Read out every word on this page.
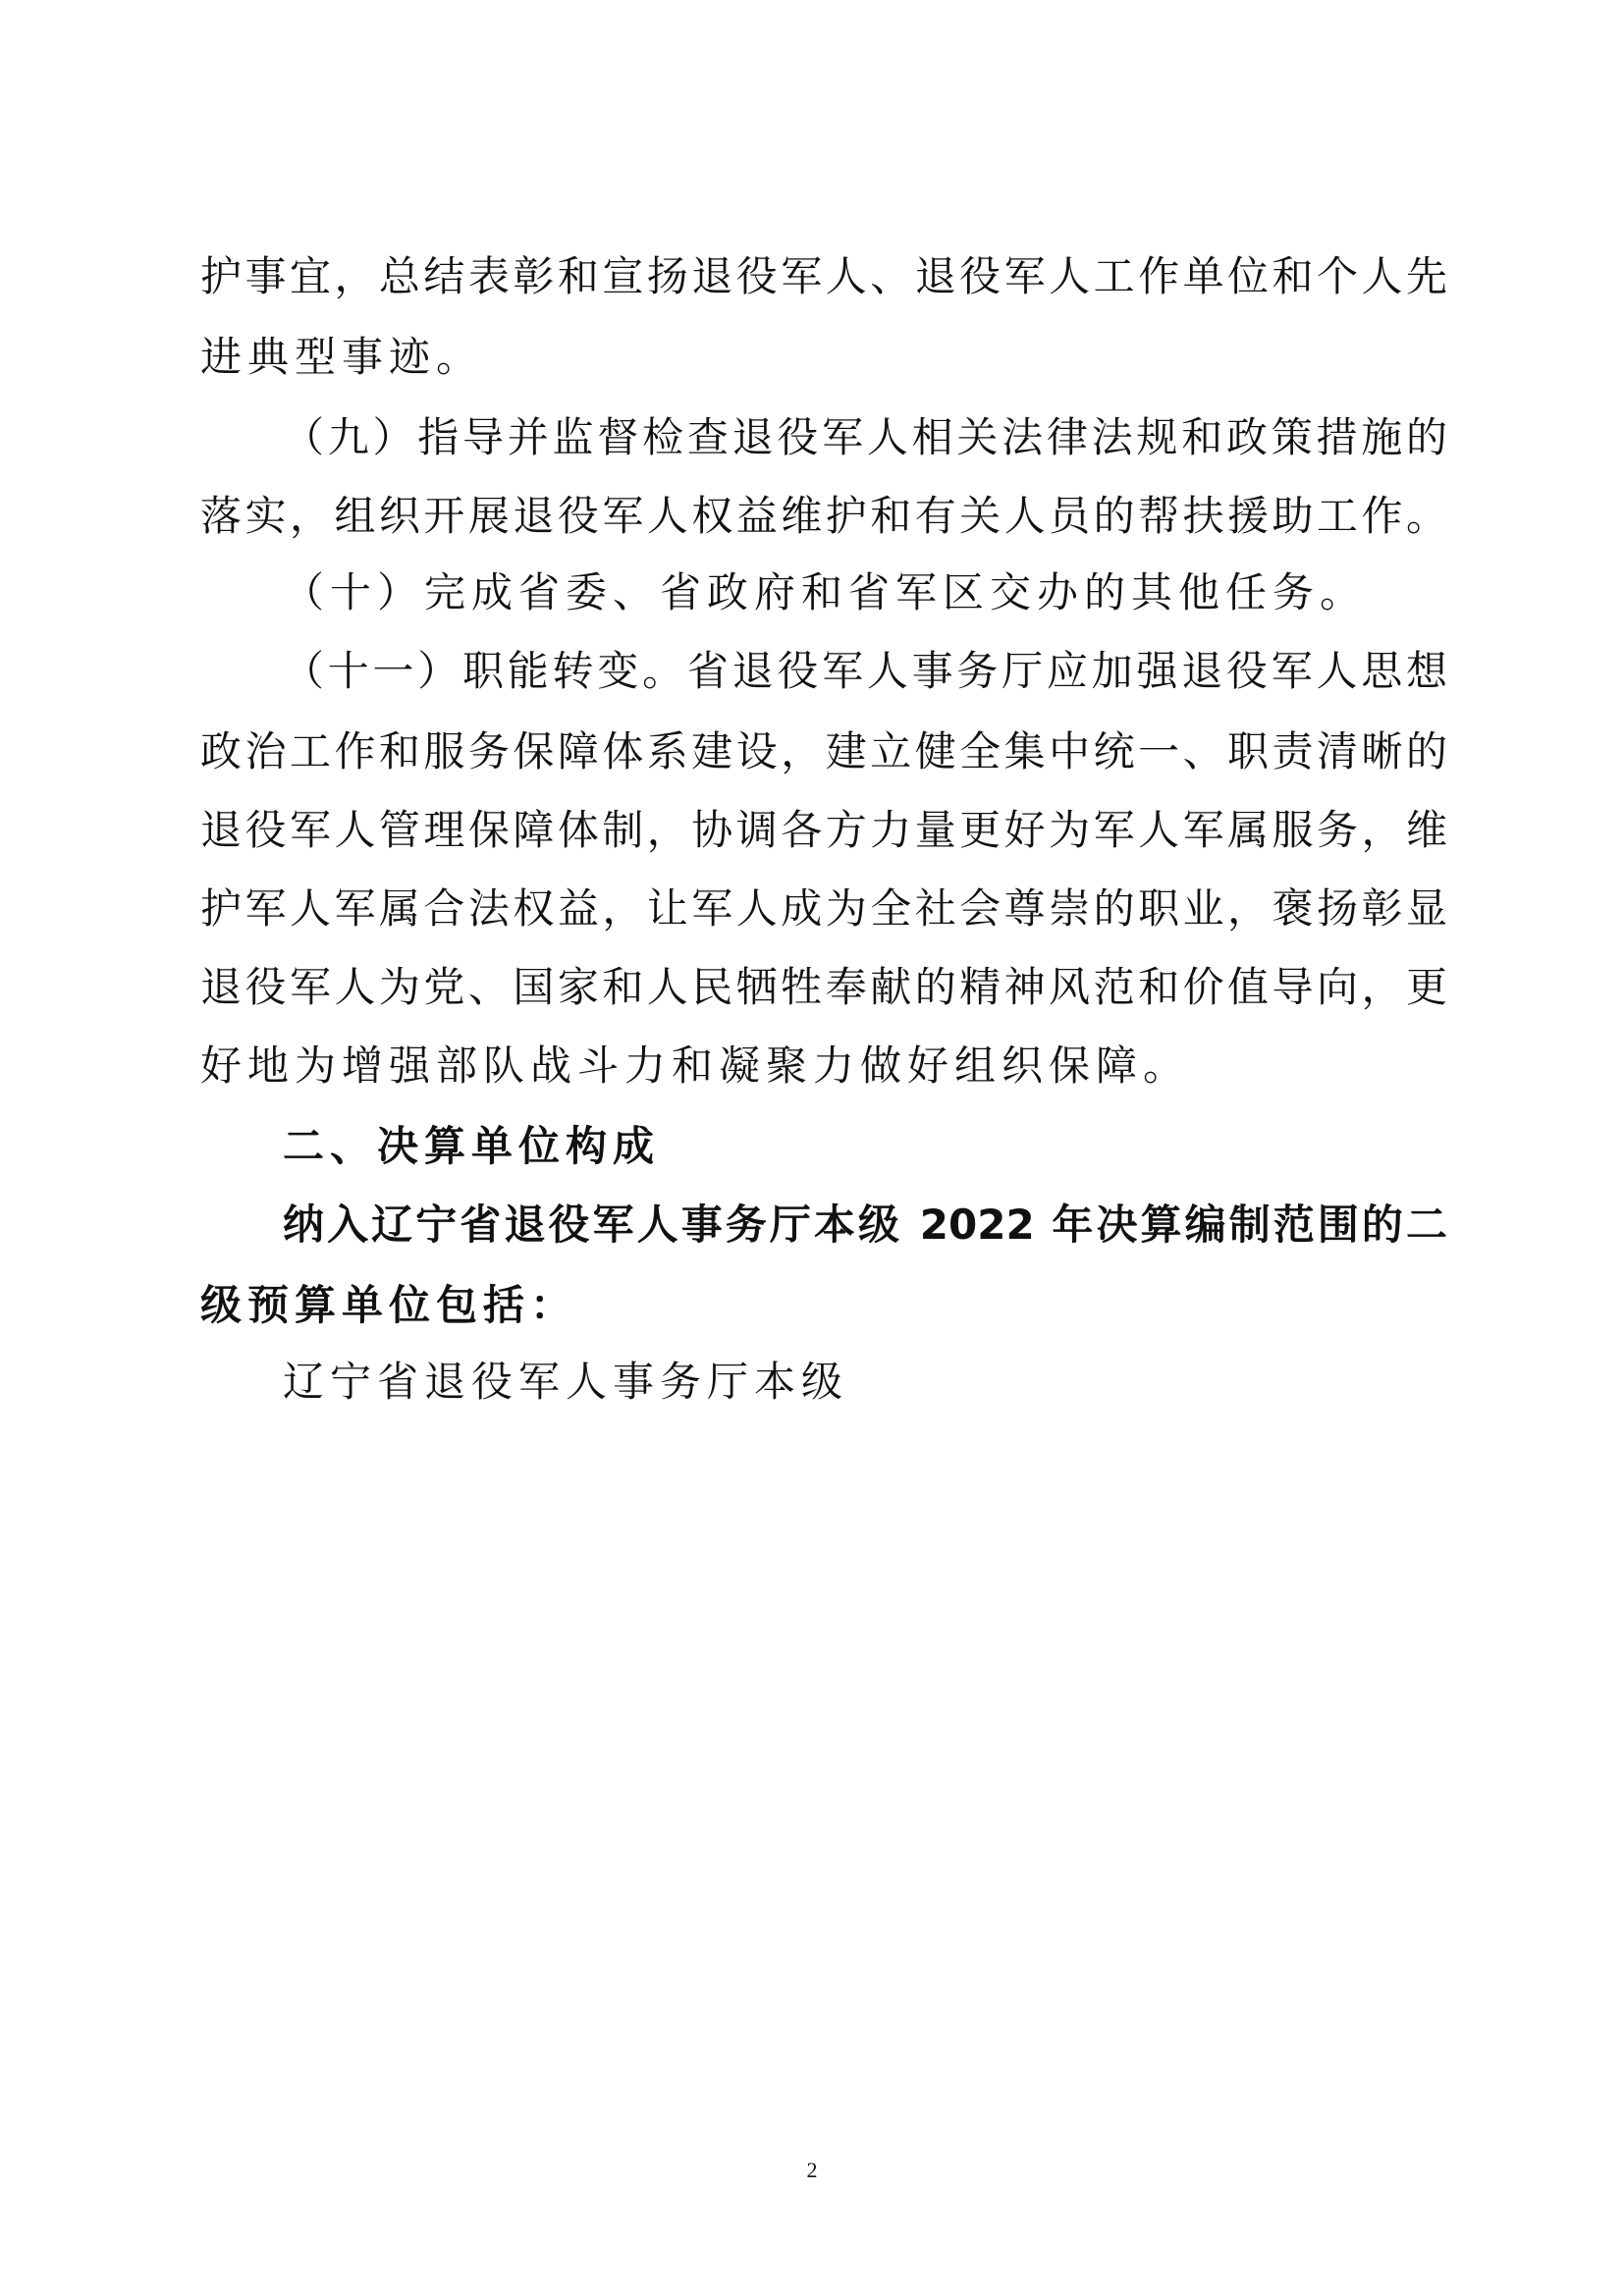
护事宜，总结表彰和宣扬退役军人、退役军人工作单位和个人先
进典型事迹。
（九）指导并监督检查退役军人相关法律法规和政策措施的
落实，组织开展退役军人权益维护和有关人员的帮扶援助工作。
（十）完成省委、省政府和省军区交办的其他任务。
（十一）职能转变。省退役军人事务厅应加强退役军人思想
政治工作和服务保障体系建设，建立健全集中统一、职责清晰的
退役军人管理保障体制，协调各方力量更好为军人军属服务，维
护军人军属合法权益，让军人成为全社会尊崇的职业，褒扬彰显
退役军人为党、国家和人民牺牲奉献的精神风范和价值导向，更
好地为增强部队战斗力和凝聚力做好组织保障。
二、决算单位构成
纳入辽宁省退役军人事务厅本级 2022 年决算编制范围的二
级预算单位包括：
辽宁省退役军人事务厅本级
2
